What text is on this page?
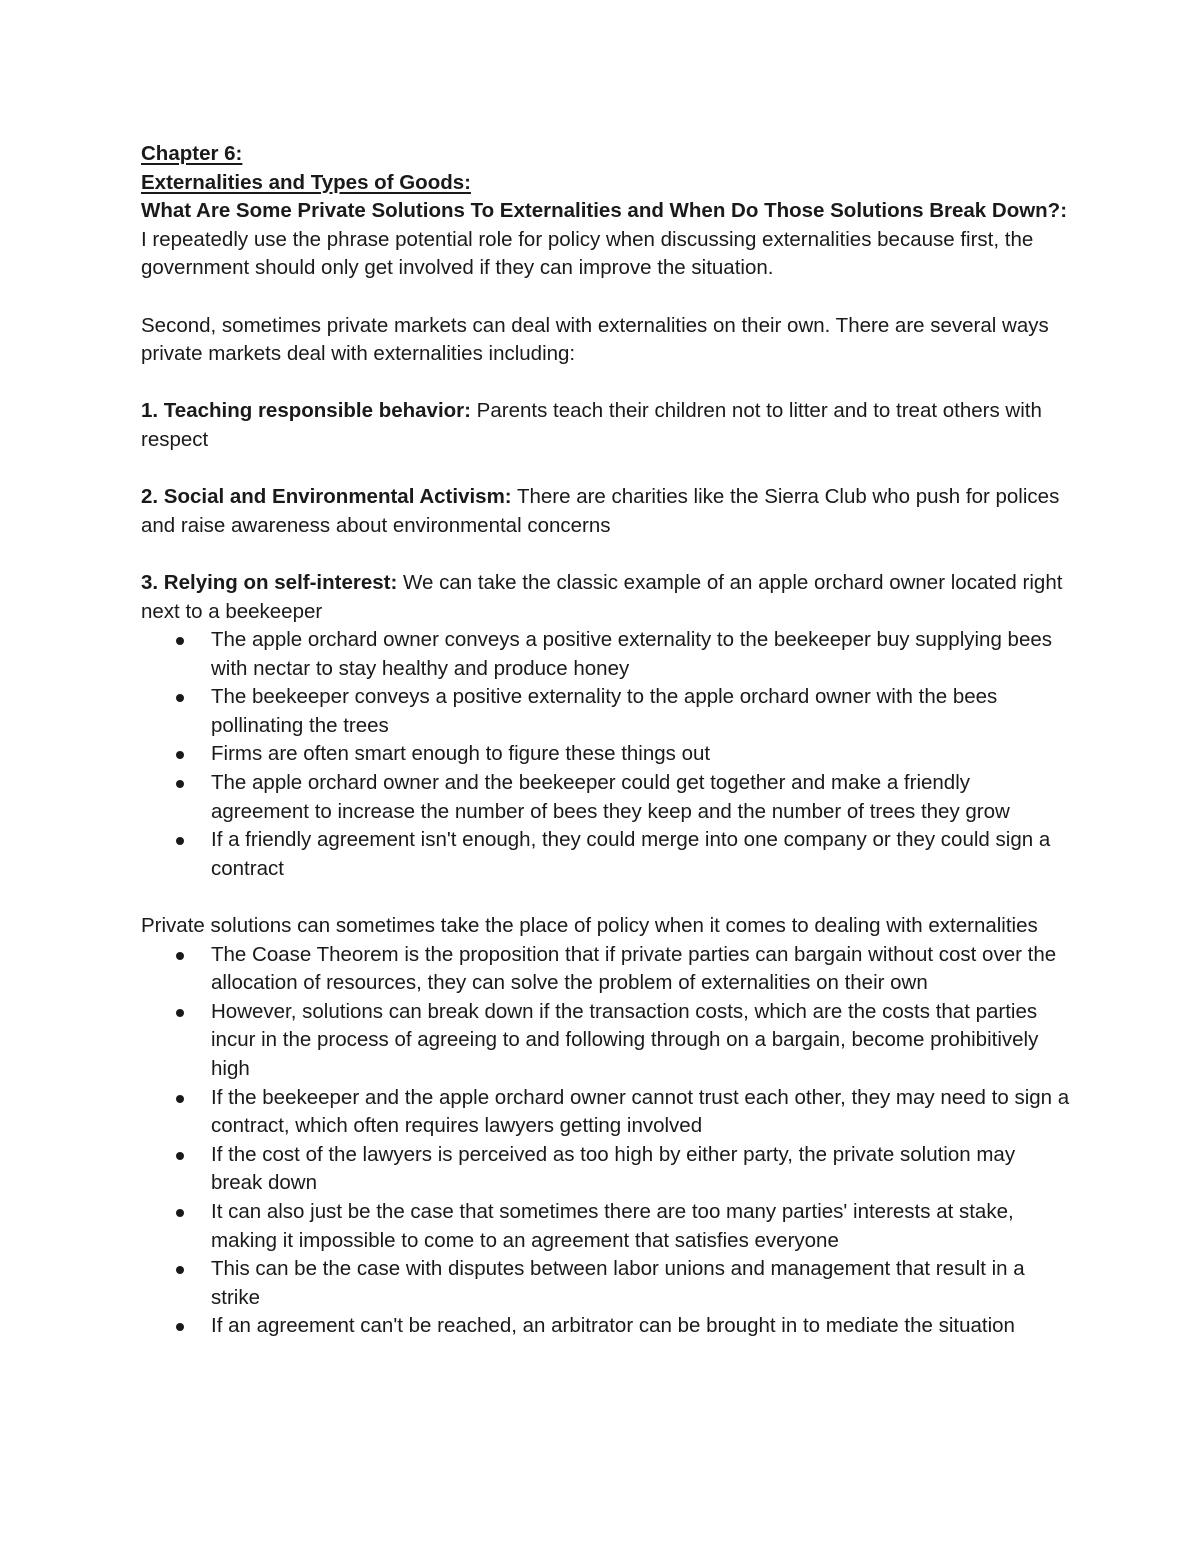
Chapter 6:

Externalities and Types of Goods:

What Are Some Private Solutions To Externalities and When Do Those Solutions Break Down?:

I repeatedly use the phrase potential role for policy when discussing externalities because first, the government should only get involved if they can improve the situation.

Second, sometimes private markets can deal with externalities on their own. There are several ways private markets deal with externalities including:

1. Teaching responsible behavior: Parents teach their children not to litter and to treat others with respect

2. Social and Environmental Activism: There are charities like the Sierra Club who push for polices and raise awareness about environmental concerns

3. Relying on self-interest: We can take the classic example of an apple orchard owner located right next to a beekeeper

The apple orchard owner conveys a positive externality to the beekeeper buy supplying bees with nectar to stay healthy and produce honey
The beekeeper conveys a positive externality to the apple orchard owner with the bees pollinating the trees
Firms are often smart enough to figure these things out
The apple orchard owner and the beekeeper could get together and make a friendly agreement to increase the number of bees they keep and the number of trees they grow
If a friendly agreement isn't enough, they could merge into one company or they could sign a contract

Private solutions can sometimes take the place of policy when it comes to dealing with externalities

The Coase Theorem is the proposition that if private parties can bargain without cost over the allocation of resources, they can solve the problem of externalities on their own
However, solutions can break down if the transaction costs, which are the costs that parties incur in the process of agreeing to and following through on a bargain, become prohibitively high
If the beekeeper and the apple orchard owner cannot trust each other, they may need to sign a contract, which often requires lawyers getting involved
If the cost of the lawyers is perceived as too high by either party, the private solution may break down
It can also just be the case that sometimes there are too many parties' interests at stake, making it impossible to come to an agreement that satisfies everyone
This can be the case with disputes between labor unions and management that result in a strike
If an agreement can't be reached, an arbitrator can be brought in to mediate the situation
